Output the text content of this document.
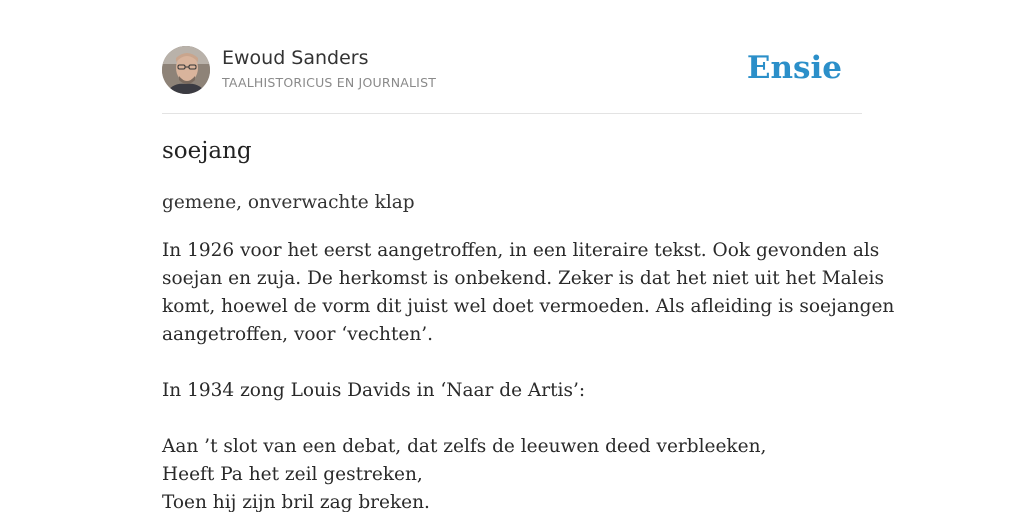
Ewoud Sanders
TAALHISTORICUS EN JOURNALIST	Ensie
soejang
gemene, onverwachte klap
In 1926 voor het eerst aangetroffen, in een literaire tekst. Ook gevonden als
soejan en zuja. De herkomst is onbekend. Zeker is dat het niet uit het Maleis
komt, hoewel de vorm dit juist wel doet vermoeden. Als afleiding is soejangen
aangetroffen, voor ‘vechten’.
In 1934 zong Louis Davids in ‘Naar de Artis’:
Aan ’t slot van een debat, dat zelfs de leeuwen deed verbleeken,
Heeft Pa het zeil gestreken,
Toen hij zijn bril zag breken.
